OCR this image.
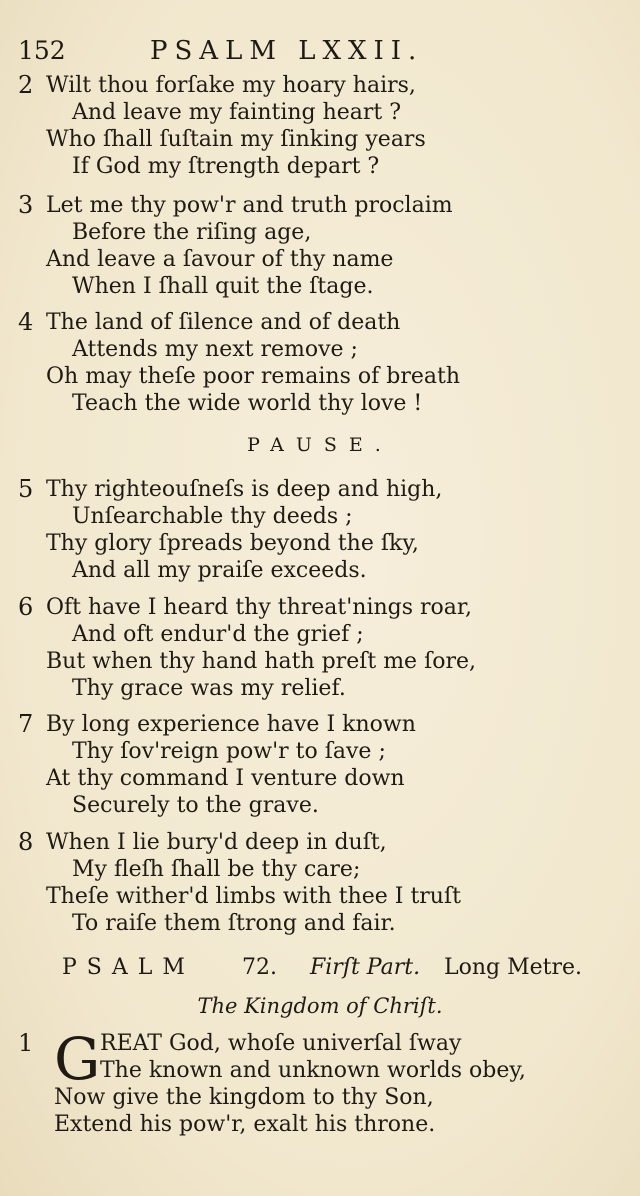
152	PSALM LXXII.
2 Wilt thou forſake my hoary hairs,
And leave my fainting heart ?
Who ſhall ſuſtain my ſinking years
If God my ſtrength depart ?
3 Let me thy pow'r and truth proclaim
Before the riſing age,
And leave a ſavour of thy name
When I ſhall quit the ſtage.
4 The land of ſilence and of death
Attends my next remove ;
Oh may theſe poor remains of breath
Teach the wide world thy love !
PAUSE.
5 Thy righteouſneſs is deep and high,
Unſearchable thy deeds ;
Thy glory ſpreads beyond the ſky,
And all my praiſe exceeds.
6 Oft have I heard thy threat'nings roar,
And oft endur'd the grief ;
But when thy hand hath preſt me ſore,
Thy grace was my relief.
7 By long experience have I known
Thy ſov'reign pow'r to ſave ;
At thy command I venture down
Securely to the grave.
8 When I lie bury'd deep in duſt,
My fleſh ſhall be thy care;
Theſe wither'd limbs with thee I truſt
To raiſe them ſtrong and fair.
PSALM 72. Firſt Part. Long Metre.
The Kingdom of Chriſt.
1 G REAT God, whoſe univerſal ſway
The known and unknown worlds obey,
Now give the kingdom to thy Son,
Extend his pow'r, exalt his throne.
